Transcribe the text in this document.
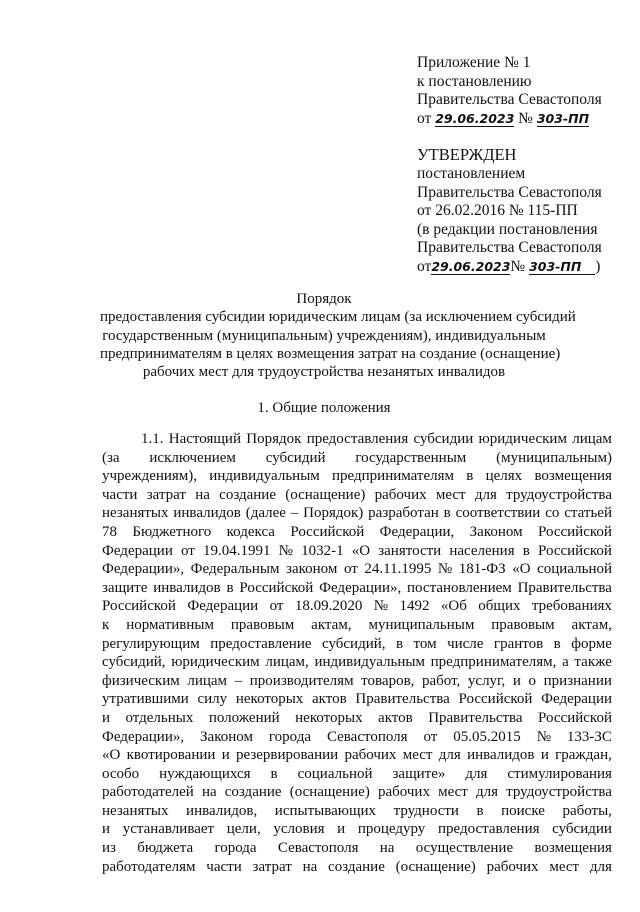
Приложение № 1
к постановлению
Правительства Севастополя
от 29.06.2023 № 303-ПП
УТВЕРЖДЕН
постановлением
Правительства Севастополя
от 26.02.2016 № 115-ПП
(в редакции постановления
Правительства Севастополя
от29.06.2023№ 303-ПП )
Порядок
предоставления субсидии юридическим лицам (за исключением субсидий
государственным (муниципальным) учреждениям), индивидуальным
предпринимателям в целях возмещения затрат на создание (оснащение)
рабочих мест для трудоустройства незанятых инвалидов
1. Общие положения
1.1. Настоящий Порядок предоставления субсидии юридическим лицам
(за исключением субсидий государственным (муниципальным)
учреждениям), индивидуальным предпринимателям в целях возмещения
части затрат на создание (оснащение) рабочих мест для трудоустройства
незанятых инвалидов (далее – Порядок) разработан в соответствии со статьей
78 Бюджетного кодекса Российской Федерации, Законом Российской
Федерации от 19.04.1991 № 1032-1 «О занятости населения в Российской
Федерации», Федеральным законом от 24.11.1995 № 181-ФЗ «О социальной
защите инвалидов в Российской Федерации», постановлением Правительства
Российской Федерации от 18.09.2020 № 1492 «Об общих требованиях
к нормативным правовым актам, муниципальным правовым актам,
регулирующим предоставление субсидий, в том числе грантов в форме
субсидий, юридическим лицам, индивидуальным предпринимателям, а также
физическим лицам – производителям товаров, работ, услуг, и о признании
утратившими силу некоторых актов Правительства Российской Федерации
и отдельных положений некоторых актов Правительства Российской
Федерации», Законом города Севастополя от 05.05.2015 № 133-ЗС
«О квотировании и резервировании рабочих мест для инвалидов и граждан,
особо нуждающихся в социальной защите» для стимулирования
работодателей на создание (оснащение) рабочих мест для трудоустройства
незанятых инвалидов, испытывающих трудности в поиске работы,
и устанавливает цели, условия и процедуру предоставления субсидии
из бюджета города Севастополя на осуществление возмещения
работодателям части затрат на создание (оснащение) рабочих мест для
